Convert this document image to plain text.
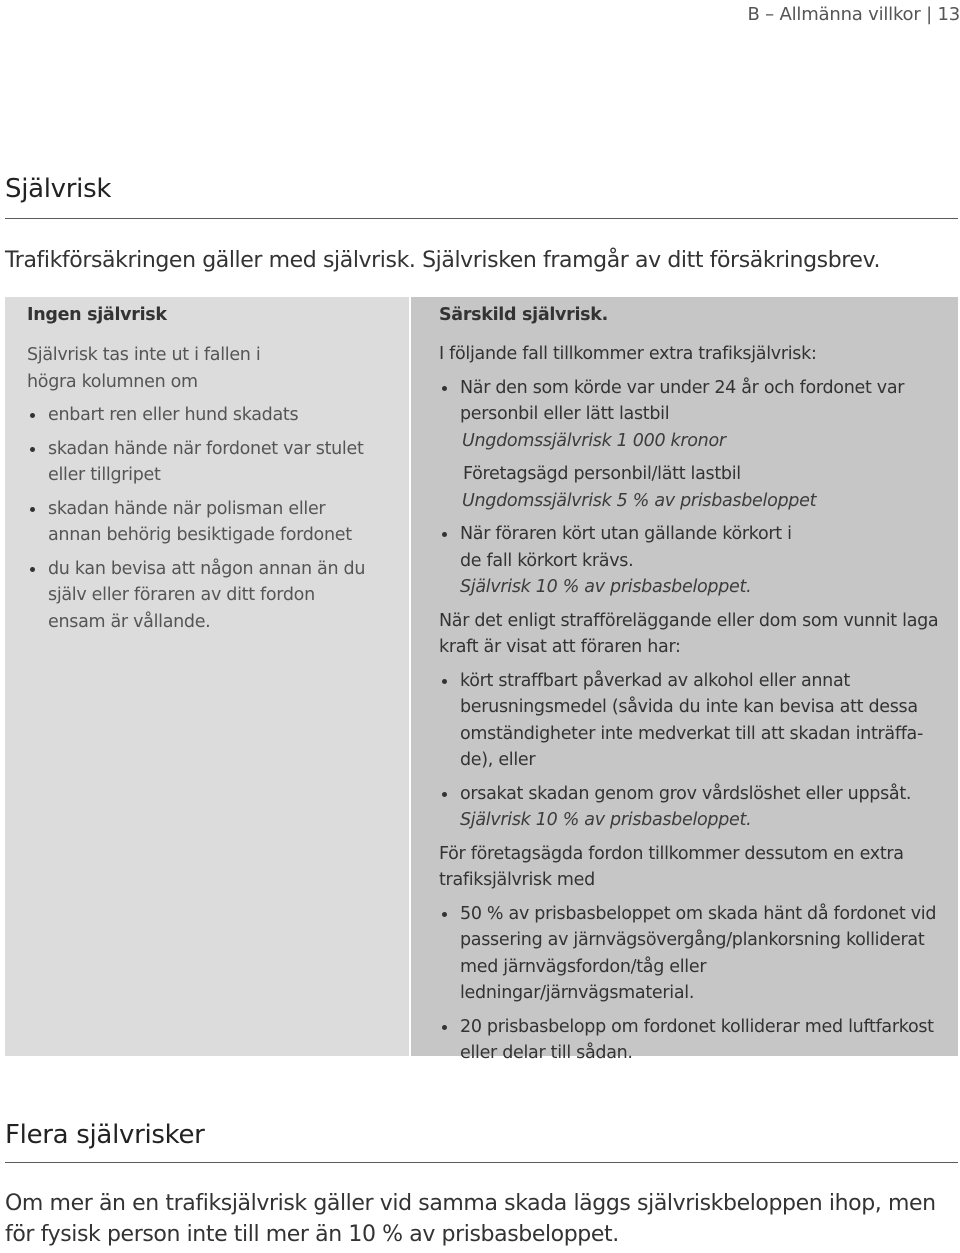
B – Allmänna villkor | 13
Självrisk
Trafikförsäkringen gäller med självrisk. Självrisken framgår av ditt försäkringsbrev.
Ingen självrisk
Självrisk tas inte ut i fallen i högra kolumnen om
enbart ren eller hund skadats
skadan hände när fordonet var stulet eller tillgripet
skadan hände när polisman eller annan behörig besiktigade fordonet
du kan bevisa att någon annan än du själv eller föraren av ditt fordon ensam är vållande.
Särskild självrisk.
I följande fall tillkommer extra trafiksjälvrisk:
När den som körde var under 24 år och fordonet var personbil eller lätt lastbil
Ungdomssjälvrisk 1 000 kronor
Företagsägd personbil/lätt lastbil
Ungdomssjälvrisk 5 % av prisbasbeloppet
När föraren kört utan gällande körkort i de fall körkort krävs.
Självrisk 10 % av prisbasbeloppet.
När det enligt strafföreläggande eller dom som vunnit laga kraft är visat att föraren har:
kört straffbart påverkad av alkohol eller annat berusningsmedel (såvida du inte kan bevisa att dessa omständigheter inte medverkat till att skadan inträffa-de), eller
orsakat skadan genom grov vårdslöshet eller uppsåt.
Självrisk 10 % av prisbasbeloppet.
För företagsägda fordon tillkommer dessutom en extra trafiksjälvrisk med
50 % av prisbasbeloppet om skada hänt då fordonet vid passering av järnvägsövergång/plankorsning kolliderat med järnvägsfordon/tåg eller ledningar/järnvägsmaterial.
20 prisbasbelopp om fordonet kolliderar med luftfarkost eller delar till sådan.
Flera självrisker
Om mer än en trafiksjälvrisk gäller vid samma skada läggs självriskbeloppen ihop, men för fysisk person inte till mer än 10 % av prisbasbeloppet.
